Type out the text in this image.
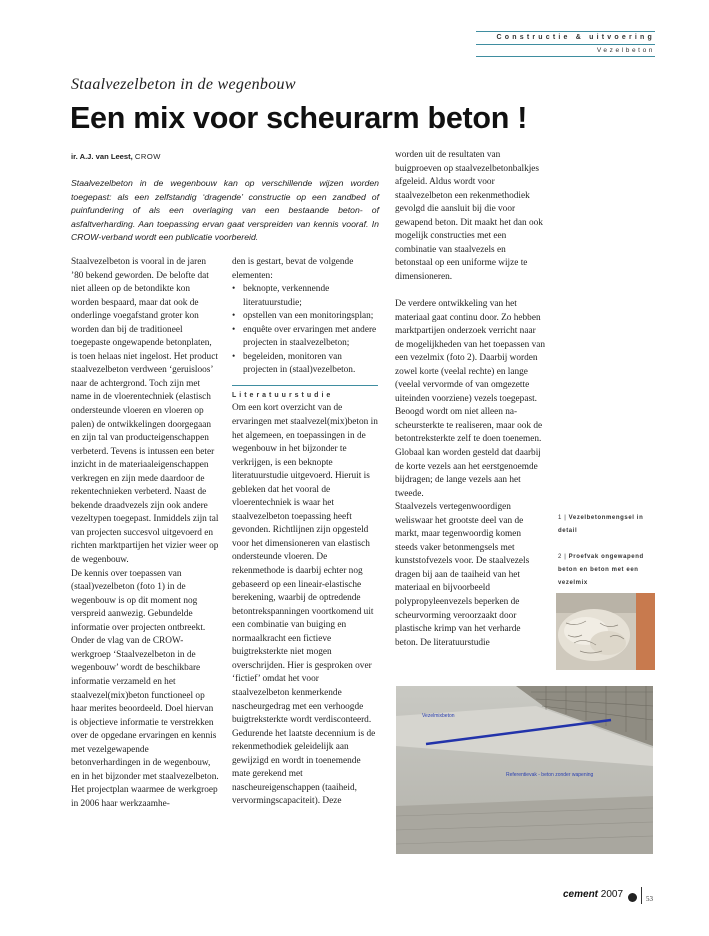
Constructie & uitvoering
Vezelbeton
Staalvezelbeton in de wegenbouw
Een mix voor scheurarm beton !
ir. A.J. van Leest, CROW
Staalvezelbeton in de wegenbouw kan op verschillende wijzen worden toegepast: als een zelfstandig ‘dragende’ constructie op een zandbed of puinfundering of als een overlaging van een bestaande beton- of asfaltverharding. Aan toepassing ervan gaat verspreiden van kennis vooraf. In CROW-verband wordt een publicatie voorbereid.

Staalvezelbeton is vooral in de jaren ’80 bekend geworden. De belofte dat niet alleen op de betondikte kon worden bespaard, maar dat ook de onderlinge voegafstand groter kon worden dan bij de traditioneel toegepaste ongewapende betonplaten, is toen helaas niet ingelost. Het product staalvezelbeton verdween ‘geruisloos’ naar de achtergrond. Toch zijn met name in de vloerentechniek (elastisch ondersteunde vloeren en vloeren op palen) de ontwikkelingen doorgegaan en zijn tal van producteigenschappen verbeterd. Tevens is intussen een beter inzicht in de materiaaleigenschappen verkregen en zijn mede daardoor de rekentechnieken verbeterd. Naast de bekende draadvezels zijn ook andere vezeltypen toegepast. Inmiddels zijn tal van projecten succesvol uitgevoerd en richten marktpartijen het vizier weer op de wegenbouw.

De kennis over toepassen van (staal)vezelbeton (foto 1) in de wegenbouw is op dit moment nog verspreid aanwezig. Gebundelde informatie over projecten ontbreekt. Onder de vlag van de CROW-werkgroep ‘Staalvezelbeton in de wegenbouw’ wordt de beschikbare informatie verzameld en het staalvezel(mix)beton functioneel op haar merites beoordeeld. Doel hiervan is objectieve informatie te verstrekken over de opgedane ervaringen en kennis met vezelgewapende betonverhardingen in de wegenbouw, en in het bijzonder met staalvezelbeton.

Het projectplan waarmee de werkgroep in 2006 haar werkzaamhe-

den is gestart, bevat de volgende elementen:

• beknopte, verkennende literatuurstudie;
• opstellen van een monitoringsplan;
• enquête over ervaringen met andere projecten in staalvezelbeton;
• begeleiden, monitoren van projecten in (staal)vezelbeton.
Literatuurstudie

Om een kort overzicht van de ervaringen met staalvezel(mix)beton in het algemeen, en toepassingen in de wegenbouw in het bijzonder te verkrijgen, is een beknopte literatuurstudie uitgevoerd. Hieruit is gebleken dat het vooral de vloerentechniek is waar het staalvezelbeton toepassing heeft gevonden. Richtlijnen zijn opgesteld voor het dimensioneren van elastisch ondersteunde vloeren. De rekenmethode is daarbij echter nog gebaseerd op een lineair-elastische berekening, waarbij de optredende betontrekspanningen voortkomend uit een combinatie van buiging en normaalkracht een fictieve buigtreksterkte niet mogen overschrijden. Hier is gesproken over ‘fictief’ omdat het voor staalvezelbeton kenmerkende nascheurgedrag met een verhoogde buigtreksterkte wordt verdisconteerd.

Gedurende het laatste decennium is de rekenmethodiek geleidelijk aan gewijzigd en wordt in toenemende mate gerekend met nascheureigenschappen (taaiheid, vervormingscapaciteit). Deze

worden uit de resultaten van buigproeven op staalvezelbetonbalkjes afgeleid. Aldus wordt voor staalvezelbeton een rekenmethodiek gevolgd die aansluit bij die voor gewapend beton. Dit maakt het dan ook mogelijk constructies met een combinatie van staalvezels en betonstaal op een uniforme wijze te dimensioneren.

De verdere ontwikkeling van het materiaal gaat continu door. Zo hebben marktpartijen onderzoek verricht naar de mogelijkheden van het toepassen van een vezelmix (foto 2). Daarbij worden zowel korte (veelal rechte) en lange (veelal vervormde of van omgezette uiteinden voorziene) vezels toegepast. Beoogd wordt om niet alleen na-scheursterkte te realiseren, maar ook de betontreksterkte zelf te doen toenemen. Globaal kan worden gesteld dat daarbij de korte vezels aan het eerstgenoemde bijdragen; de lange vezels aan het tweede.

Staalvezels vertegenwoordigen weliswaar het grootste deel van de markt, maar tegenwoordig komen steeds vaker betonmengsels met kunststofvezels voor. De staalvezels dragen bij aan de taaiheid van het materiaal en bijvoorbeeld polypropyleenvezels beperken de scheurvorming veroorzaakt door plastische krimp van het verharde beton. De literatuurstudie

1 | Vezelbetonmengsel in detail
2 | Proefvak ongewapend beton en beton met een vezelmix
Vezelmixbeton
Referentievak - beton zonder wapening
cement 2007	53
